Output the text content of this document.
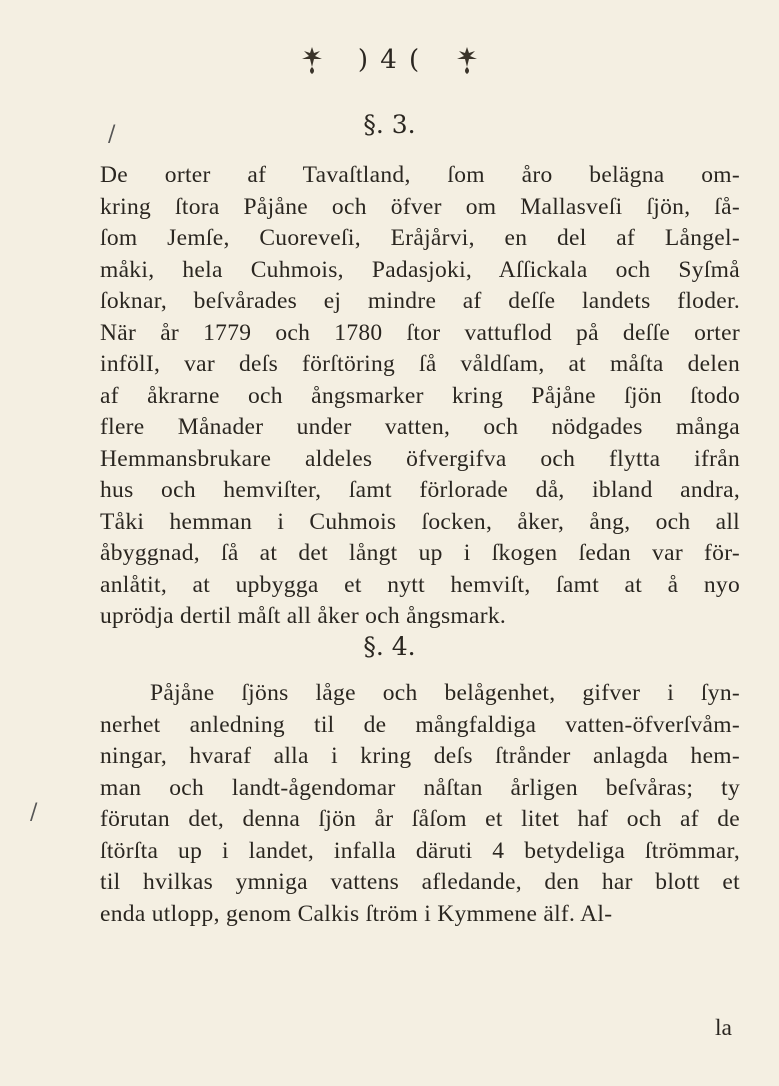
) 4 (
/
/
§. 3.
De orter af Tavaſtland, ſom åro belägna om-
kring ſtora Påjåne och öfver om Mallasveſi ſjön, ſå-
ſom Jemſe, Cuoreveſi, Eråjårvi, en del af Långel-
måki, hela Cuhmois, Padasjoki, Aſſickala och Syſmå
ſoknar, beſvårades ej mindre af deſſe landets floder.
När år 1779 och 1780 ſtor vattuflod på deſſe orter
infölI, var deſs förſtöring ſå våldſam, at måſta delen
af åkrarne och ångsmarker kring Påjåne ſjön ſtodo
flere Månader under vatten, och nödgades många
Hemmansbrukare aldeles öfvergifva och flytta ifrån
hus och hemviſter, ſamt förlorade då, ibland andra,
Tåki hemman i Cuhmois ſocken, åker, ång, och all
åbyggnad, ſå at det långt up i ſkogen ſedan var för-
anlåtit, at upbygga et nytt hemviſt, ſamt at å nyo
uprödja dertil måſt all åker och ångsmark.
§. 4.
Påjåne ſjöns låge och belågenhet, gifver i ſyn-
nerhet anledning til de mångfaldiga vatten-öfverſvåm-
ningar, hvaraf alla i kring deſs ſtrånder anlagda hem-
man och landt-ågendomar nåſtan årligen beſvåras; ty
förutan det, denna ſjön år ſåſom et litet haf och af de
ſtörſta up i landet, infalla däruti 4 betydeliga ſtrömmar,
til hvilkas ymniga vattens afledande, den har blott et
enda utlopp, genom Calkis ſtröm i Kymmene älf. Al-
la
